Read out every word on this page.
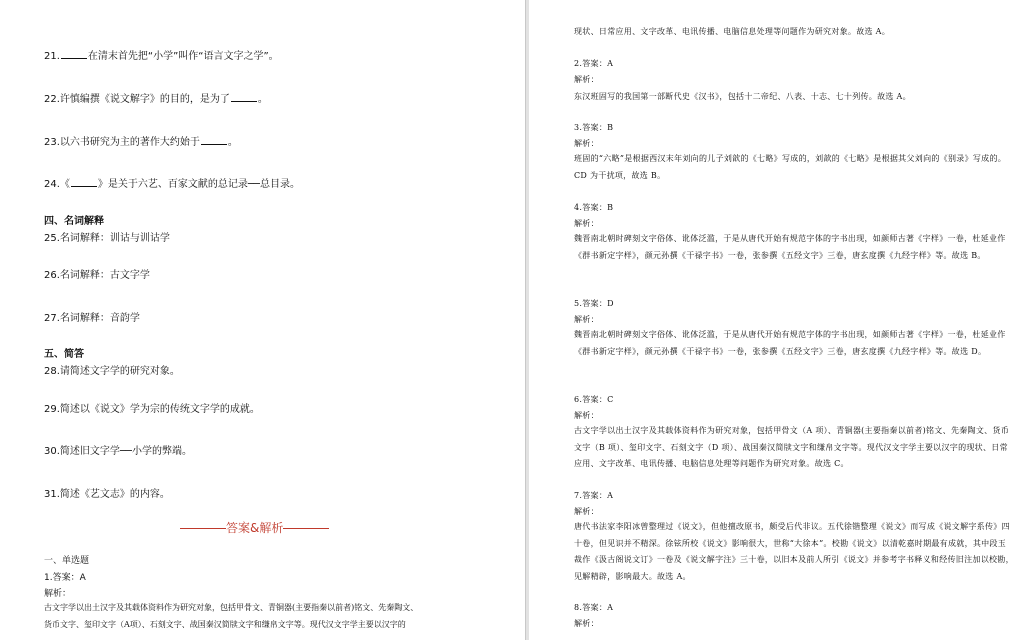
21.	在清末首先把“小学”叫作“语言文字之学”。
22.许慎编撰《说文解字》的目的，是为了	。
23.以六书研究为主的著作大约始于	。
24.《	》是关于六艺、百家文献的总记录──总目录。
四、名词解释
25.名词解释：训诂与训诂学
26.名词解释：古文字学
27.名词解释：音韵学
五、简答
28.请简述文字学的研究对象。
29.简述以《说文》学为宗的传统文字学的成就。
30.简述旧文字学──小学的弊端。
31.简述《艺文志》的内容。
答案&解析
一、单选题
1.答案：A
解析：
古文字学以出土汉字及其载体资料作为研究对象，包括甲骨文、青铜器(主要指秦以前者)铭文、先秦陶文、
货币文字、玺印文字（A项）、石刻文字、战国秦汉简牍文字和缣帛文字等。现代汉文字学主要以汉字的
现状、日常应用、文字改革、电讯传播、电脑信息处理等问题作为研究对象。故选 A。
2.答案：A
解析：
东汉班固写的我国第一部断代史《汉书》，包括十二帝纪、八表、十志、七十列传。故选 A。
3.答案：B
解析：
班固的“六略”是根据西汉末年刘向的儿子刘歆的《七略》写成的，刘歆的《七略》是根据其父刘向的《别录》写成的。CD 为干扰项，故选 B。
4.答案：B
解析：
魏晋南北朝时碑刻文字俗体、讹体泛滥，于是从唐代开始有规范字体的字书出现，如颜师古著《字样》一卷，杜延业作《群书新定字样》，颜元孙撰《干禄字书》一卷，张参撰《五经文字》三卷，唐玄度撰《九经字样》等。故选 B。
5.答案：D
解析：
魏晋南北朝时碑刻文字俗体、讹体泛滥，于是从唐代开始有规范字体的字书出现，如颜师古著《字样》一卷，杜延业作《群书新定字样》，颜元孙撰《干禄字书》一卷，张参撰《五经文字》三卷，唐玄度撰《九经字样》等。故选 D。
6.答案：C
解析：
古文字学以出土汉字及其载体资料作为研究对象，包括甲骨文（A 项）、青铜器(主要指秦以前者)铭文、先秦陶文、货币文字（B 项）、玺印文字、石刻文字（D 项）、战国秦汉简牍文字和缣帛文字等。现代汉文字学主要以汉字的现状、日常应用、文字改革、电讯传播、电脑信息处理等问题作为研究对象。故选 C。
7.答案：A
解析：
唐代书法家李阳冰曾整理过《说文》，但他擅改原书，颇受后代非议。五代徐锴整理《说文》而写成《说文解字系传》四十卷，但见识并不精深。徐铉所校《说文》影响很大，世称“大徐本”。校勘《说文》以清乾嘉时期最有成就，其中段玉裁作《汲古阁说文订》一卷及《说文解字注》三十卷，以旧本及前人所引《说文》并参考字书释义和经传旧注加以校勘，见解精辟，影响最大。故选 A。
8.答案：A
解析：
